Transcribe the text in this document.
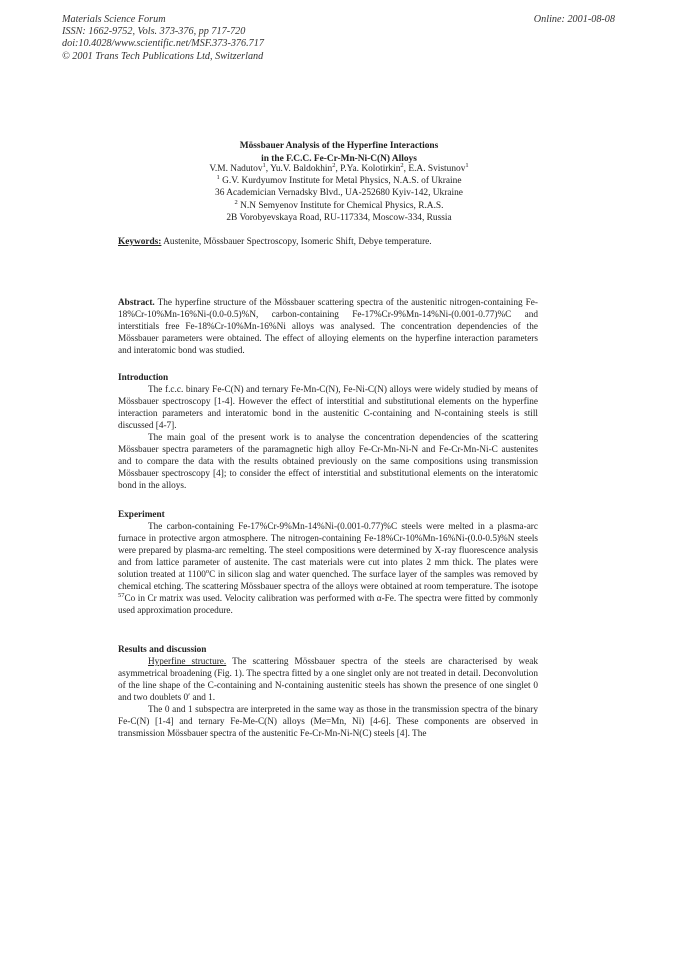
Materials Science Forum
ISSN: 1662-9752, Vols. 373-376, pp 717-720
doi:10.4028/www.scientific.net/MSF.373-376.717
© 2001 Trans Tech Publications Ltd, Switzerland
Online: 2001-08-08
Mössbauer Analysis of the Hyperfine Interactions
in the F.C.C. Fe-Cr-Mn-Ni-C(N) Alloys
V.M. Nadutov$^1$, Yu.V. Baldokhin$^2$, P.Ya. Kolotirkin$^2$, E.A. Svistunov$^1$
$^1$ G.V. Kurdyumov Institute for Metal Physics, N.A.S. of Ukraine
36 Academician Vernadsky Blvd., UA-252680 Kyiv-142, Ukraine
$^2$ N.N Semyenov Institute for Chemical Physics, R.A.S.
2B Vorobyevskaya Road, RU-117334, Moscow-334, Russia
Keywords: Austenite, Mössbauer Spectroscopy, Isomeric Shift, Debye temperature.

Abstract. The hyperfine structure of the Mössbauer scattering spectra of the austenitic nitrogen-containing Fe-18%Cr-10%Mn-16%Ni-(0.0-0.5)%N, carbon-containing Fe-17%Cr-9%Mn-14%Ni-(0.001-0.77)%C and interstitials free Fe-18%Cr-10%Mn-16%Ni alloys was analysed. The concentration dependencies of the Mössbauer parameters were obtained. The effect of alloying elements on the hyperfine interaction parameters and interatomic bond was studied.

Introduction

The f.c.c. binary Fe-C(N) and ternary Fe-Mn-C(N), Fe-Ni-C(N) alloys were widely studied by means of Mössbauer spectroscopy [1-4]. However the effect of interstitial and substitutional elements on the hyperfine interaction parameters and interatomic bond in the austenitic C-containing and N-containing steels is still discussed [4-7].

The main goal of the present work is to analyse the concentration dependencies of the scattering Mössbauer spectra parameters of the paramagnetic high alloy Fe-Cr-Mn-Ni-N and Fe-Cr-Mn-Ni-C austenites and to compare the data with the results obtained previously on the same compositions using transmission Mössbauer spectroscopy [4]; to consider the effect of interstitial and substitutional elements on the interatomic bond in the alloys.

Experiment

The carbon-containing Fe-17%Cr-9%Mn-14%Ni-(0.001-0.77)%C steels were melted in a plasma-arc furnace in protective argon atmosphere. The nitrogen-containing Fe-18%Cr-10%Mn-16%Ni-(0.0-0.5)%N steels were prepared by plasma-arc remelting. The steel compositions were determined by X-ray fluorescence analysis and from lattice parameter of austenite. The cast materials were cut into plates 2 mm thick. The plates were solution treated at 1100$^o$C in silicon slag and water quenched. The surface layer of the samples was removed by chemical etching. The scattering Mössbauer spectra of the alloys were obtained at room temperature. The isotope $^{57}$Co in Cr matrix was used. Velocity calibration was performed with α-Fe. The spectra were fitted by commonly used approximation procedure.

Results and discussion

Hyperfine structure. The scattering Mössbauer spectra of the steels are characterised by weak asymmetrical broadening (Fig. 1). The spectra fitted by a one singlet only are not treated in detail. Deconvolution of the line shape of the C-containing and N-containing austenitic steels has shown the presence of one singlet 0 and two doublets 0′ and 1.

The 0 and 1 subspectra are interpreted in the same way as those in the transmission spectra of the binary Fe-C(N) [1-4] and ternary Fe-Me-C(N) alloys (Me=Mn, Ni) [4-6]. These components are observed in transmission Mössbauer spectra of the austenitic Fe-Cr-Mn-Ni-N(C) steels [4]. The
